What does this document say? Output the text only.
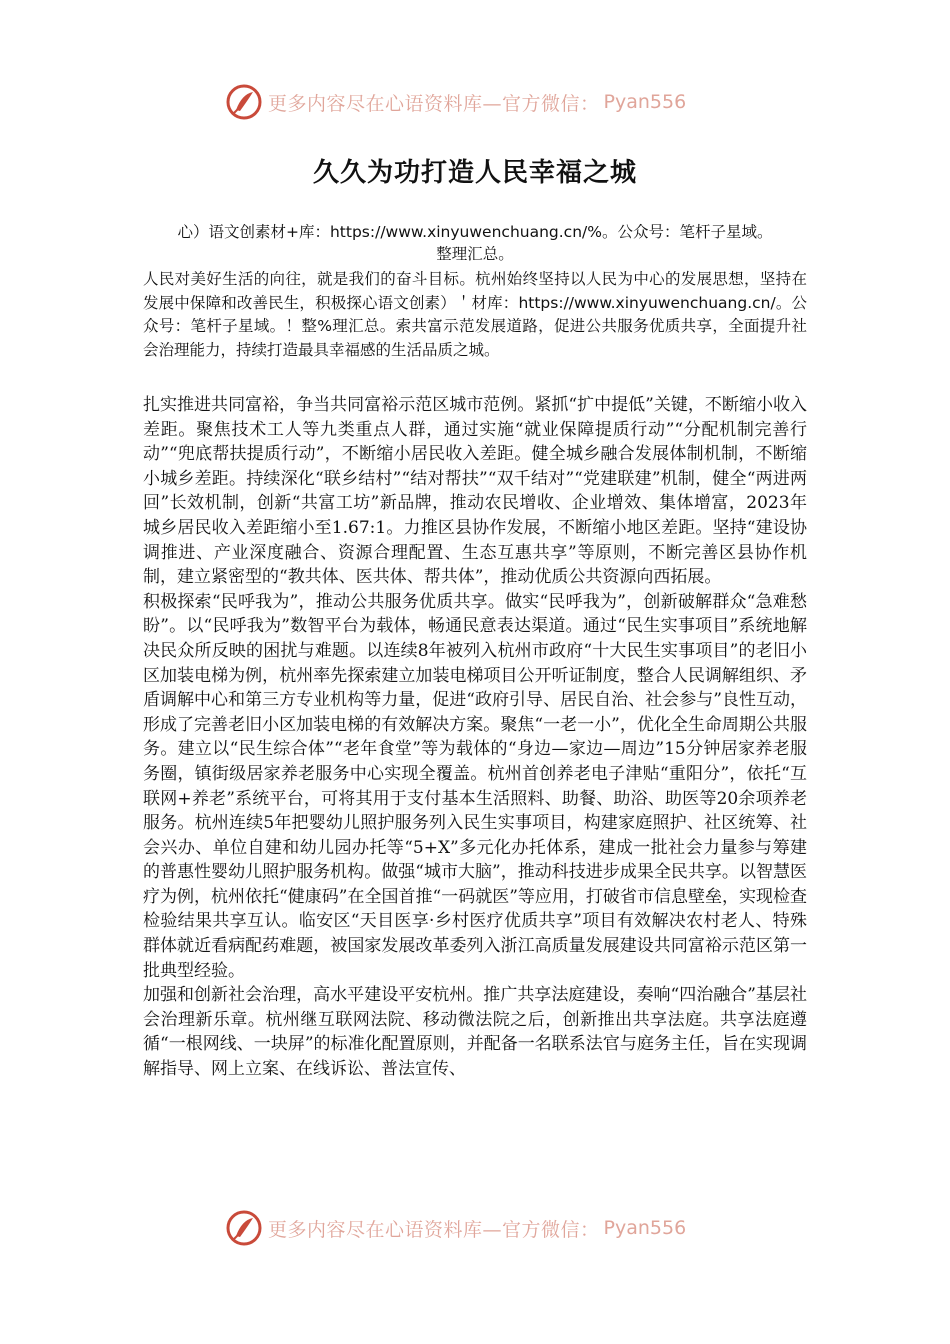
更多内容尽在心语资料库—官方微信： Pyan556
久久为功打造人民幸福之城
心）语文创素材+库：https://www.xinyuwenchuang.cn/%。公众号：笔杆子星域。
整理汇总。
人民对美好生活的向往，就是我们的奋斗目标。杭州始终坚持以人民为中心的发展思想，坚持在发展中保障和改善民生，积极探心语文创素）＇材库：https://www.xinyuwenchuang.cn/。公众号：笔杆子星域。！整%理汇总。索共富示范发展道路，促进公共服务优质共享，全面提升社会治理能力，持续打造最具幸福感的生活品质之城。

扎实推进共同富裕，争当共同富裕示范区城市范例。紧抓“扩中提低”关键，不断缩小收入差距。聚焦技术工人等九类重点人群，通过实施“就业保障提质行动”“分配机制完善行动”“兜底帮扶提质行动”，不断缩小居民收入差距。健全城乡融合发展体制机制，不断缩小城乡差距。持续深化“联乡结村”“结对帮扶”“双千结对”“党建联建”机制，健全“两进两回”长效机制，创新“共富工坊”新品牌，推动农民增收、企业增效、集体增富，2023年城乡居民收入差距缩小至1.67:1。力推区县协作发展，不断缩小地区差距。坚持“建设协调推进、产业深度融合、资源合理配置、生态互惠共享”等原则，不断完善区县协作机制，建立紧密型的“教共体、医共体、帮共体”，推动优质公共资源向西拓展。

积极探索“民呼我为”，推动公共服务优质共享。做实“民呼我为”，创新破解群众“急难愁盼”。以“民呼我为”数智平台为载体，畅通民意表达渠道。通过“民生实事项目”系统地解决民众所反映的困扰与难题。以连续8年被列入杭州市政府“十大民生实事项目”的老旧小区加装电梯为例，杭州率先探索建立加装电梯项目公开听证制度，整合人民调解组织、矛盾调解中心和第三方专业机构等力量，促进“政府引导、居民自治、社会参与”良性互动，形成了完善老旧小区加装电梯的有效解决方案。聚焦“一老一小”，优化全生命周期公共服务。建立以“民生综合体”“老年食堂”等为载体的“身边—家边—周边”15分钟居家养老服务圈，镇街级居家养老服务中心实现全覆盖。杭州首创养老电子津贴“重阳分”，依托“互联网+养老”系统平台，可将其用于支付基本生活照料、助餐、助浴、助医等20余项养老服务。杭州连续5年把婴幼儿照护服务列入民生实事项目，构建家庭照护、社区统筹、社会兴办、单位自建和幼儿园办托等“5+X”多元化办托体系，建成一批社会力量参与筹建的普惠性婴幼儿照护服务机构。做强“城市大脑”，推动科技进步成果全民共享。以智慧医疗为例，杭州依托“健康码”在全国首推“一码就医”等应用，打破省市信息壁垒，实现检查检验结果共享互认。临安区“天目医享·乡村医疗优质共享”项目有效解决农村老人、特殊群体就近看病配药难题，被国家发展改革委列入浙江高质量发展建设共同富裕示范区第一批典型经验。

加强和创新社会治理，高水平建设平安杭州。推广共享法庭建设，奏响“四治融合”基层社会治理新乐章。杭州继互联网法院、移动微法院之后，创新推出共享法庭。共享法庭遵循“一根网线、一块屏”的标准化配置原则，并配备一名联系法官与庭务主任，旨在实现调解指导、网上立案、在线诉讼、普法宣传、

更多内容尽在心语资料库—官方微信： Pyan556
